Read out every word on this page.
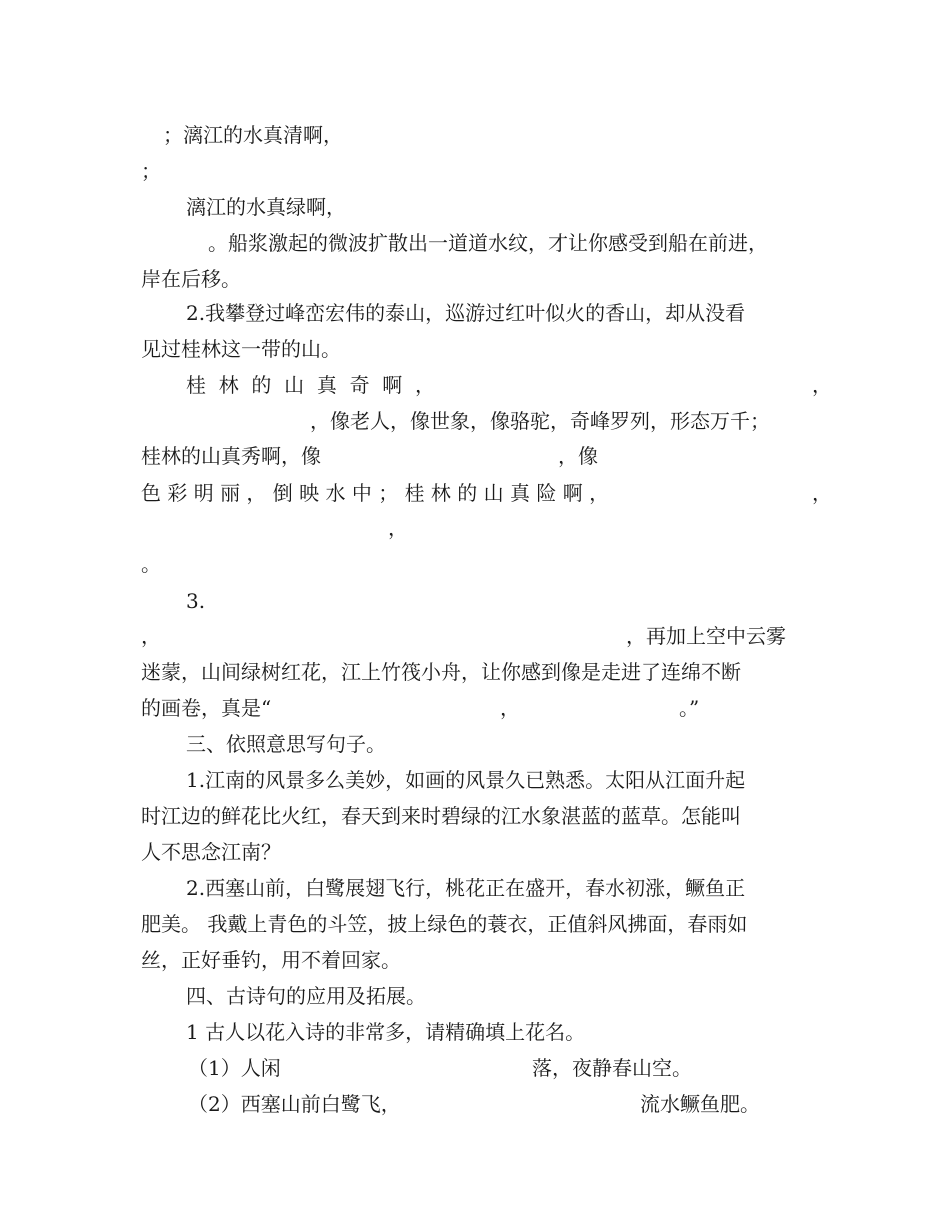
；漓江的水真清啊，
；
漓江的水真绿啊，
。船浆激起的微波扩散出一道道水纹，才让你感受到船在前进，
岸在后移。
2.我攀登过峰峦宏伟的泰山，巡游过红叶似火的香山，却从没看
见过桂林这一带的山。
桂  林  的  山  真  奇  啊  ，	，
，像老人，像世象，像骆驼，奇峰罗列，形态万千；
桂林的山真秀啊，像	，像
色 彩 明 丽 ， 倒 映 水 中 ； 桂 林 的 山 真 险 啊 ，	，
，
。
3.
，	，再加上空中云雾
迷蒙，山间绿树红花，江上竹筏小舟，让你感到像是走进了连绵不断
的画卷，真是“	，	。”
三、依照意思写句子。
1.江南的风景多么美妙，如画的风景久已熟悉。太阳从江面升起
时江边的鲜花比火红，春天到来时碧绿的江水象湛蓝的蓝草。怎能叫
人不思念江南？
2.西塞山前，白鹭展翅飞行，桃花正在盛开，春水初涨，鳜鱼正
肥美。 我戴上青色的斗笠，披上绿色的蓑衣，正值斜风拂面，春雨如
丝，正好垂钓，用不着回家。
四、古诗句的应用及拓展。
1 古人以花入诗的非常多，请精确填上花名。
（1）人闲	落，夜静春山空。
（2）西塞山前白鹭飞，	流水鳜鱼肥。
